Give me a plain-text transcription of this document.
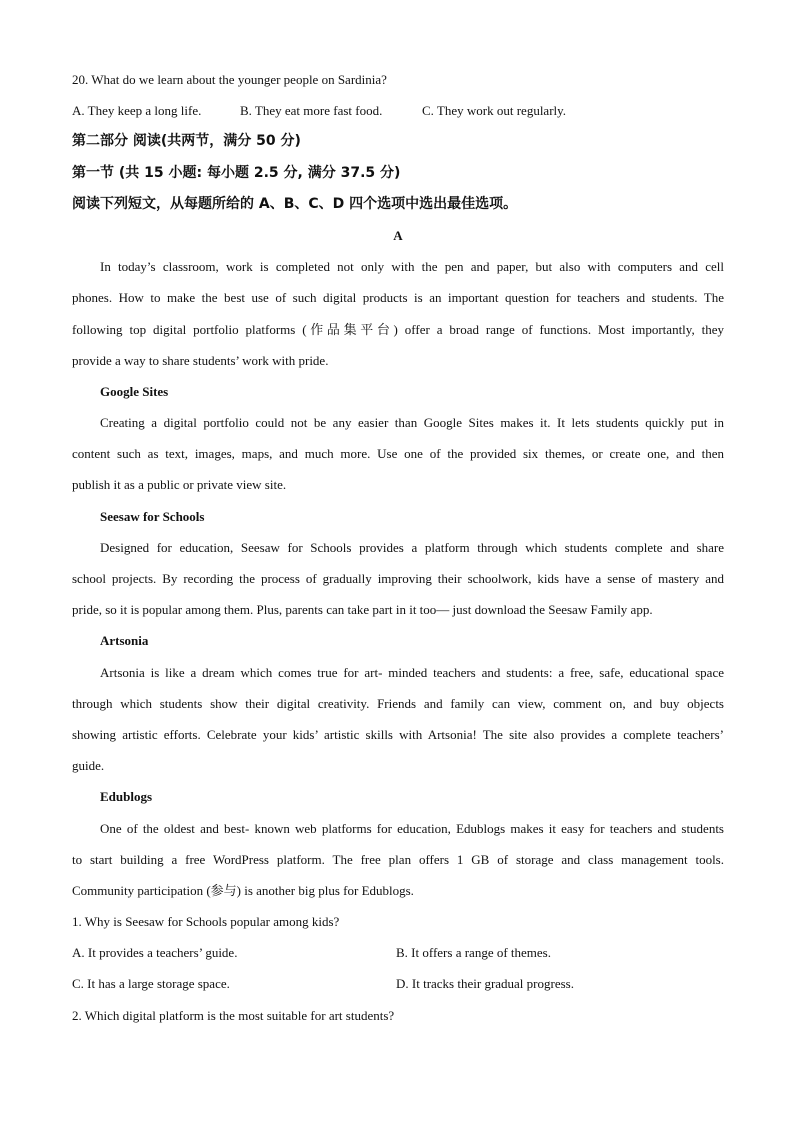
20. What do we learn about the younger people on Sardinia?
A. They keep a long life.	B. They eat more fast food.	C. They work out regularly.
第二部分 阅读(共两节，满分 50 分)
第一节 (共 15 小题: 每小题 2.5 分, 满分 37.5 分)
阅读下列短文，从每题所给的 A、B、C、D 四个选项中选出最佳选项。
A
In today’s classroom, work is completed not only with the pen and paper, but also with computers and cell
phones. How to make the best use of such digital products is an important question for teachers and students. The
following top digital portfolio platforms (作品集平台) offer a broad range of functions. Most importantly, they
provide a way to share students’ work with pride.
Google Sites
Creating a digital portfolio could not be any easier than Google Sites makes it. It lets students quickly put in
content such as text, images, maps, and much more. Use one of the provided six themes, or create one, and then
publish it as a public or private view site.
Seesaw for Schools
Designed for education, Seesaw for Schools provides a platform through which students complete and share
school projects. By recording the process of gradually improving their schoolwork, kids have a sense of mastery and
pride, so it is popular among them. Plus, parents can take part in it too— just download the Seesaw Family app.
Artsonia
Artsonia is like a dream which comes true for art- minded teachers and students: a free, safe, educational space
through which students show their digital creativity. Friends and family can view, comment on, and buy objects
showing artistic efforts. Celebrate your kids’ artistic skills with Artsonia! The site also provides a complete teachers’
guide.
Edublogs
One of the oldest and best- known web platforms for education, Edublogs makes it easy for teachers and students
to start building a free WordPress platform. The free plan offers 1 GB of storage and class management tools.
Community participation (参与) is another big plus for Edublogs.
1. Why is Seesaw for Schools popular among kids?
A. It provides a teachers’ guide.	B. It offers a range of themes.
C. It has a large storage space.	D. It tracks their gradual progress.
2. Which digital platform is the most suitable for art students?
